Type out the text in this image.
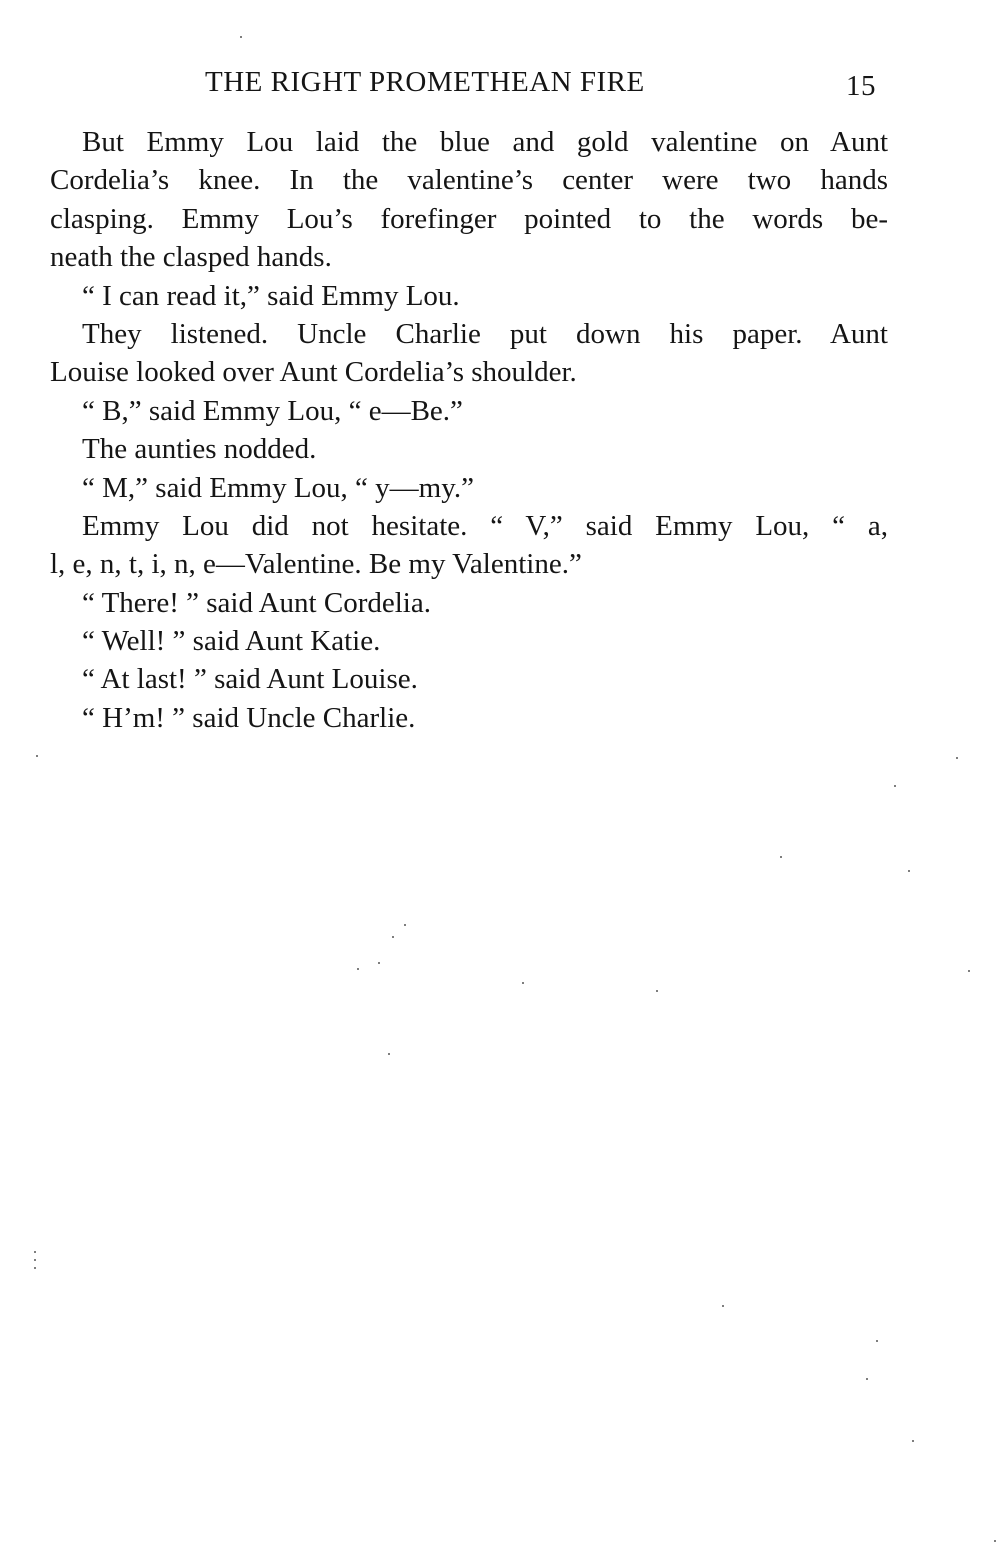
THE RIGHT PROMETHEAN FIRE	15
But Emmy Lou laid the blue and gold valentine on Aunt
Cordelia’s knee. In the valentine’s center were two hands
clasping. Emmy Lou’s forefinger pointed to the words be-
neath the clasped hands.
“ I can read it,” said Emmy Lou.
They listened. Uncle Charlie put down his paper. Aunt
Louise looked over Aunt Cordelia’s shoulder.
“ B,” said Emmy Lou, “ e—Be.”
The aunties nodded.
“ M,” said Emmy Lou, “ y—my.”
Emmy Lou did not hesitate. “ V,” said Emmy Lou, “ a,
l, e, n, t, i, n, e—Valentine. Be my Valentine.”
“ There! ” said Aunt Cordelia.
“ Well! ” said Aunt Katie.
“ At last! ” said Aunt Louise.
“ H’m! ” said Uncle Charlie.
